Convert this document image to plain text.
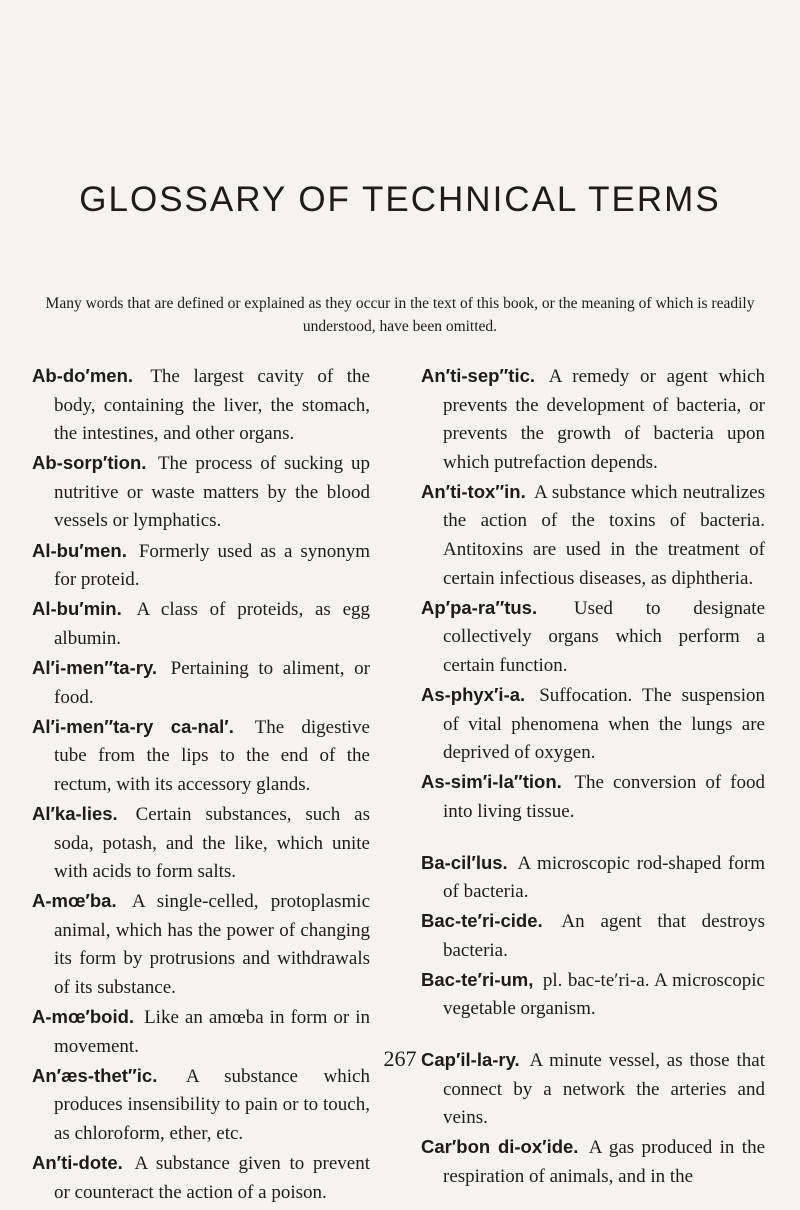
GLOSSARY OF TECHNICAL TERMS

Many words that are defined or explained as they occur in the text of this book, or the meaning of which is readily understood, have been omitted.

Ab-do′men. The largest cavity of the body, containing the liver, the stomach, the intestines, and other organs.

Ab-sorp′tion. The process of sucking up nutritive or waste matters by the blood vessels or lymphatics.

Al-bu′men. Formerly used as a synonym for proteid.

Al-bu′min. A class of proteids, as egg albumin.

Al′i-men″ta-ry. Pertaining to aliment, or food.

Al′i-men″ta-ry ca-nal′. The digestive tube from the lips to the end of the rectum, with its accessory glands.

Al′ka-lies. Certain substances, such as soda, potash, and the like, which unite with acids to form salts.

A-mœ′ba. A single-celled, protoplasmic animal, which has the power of changing its form by protrusions and withdrawals of its substance.

A-mœ′boid. Like an amœba in form or in movement.

An′æs-thet″ic. A substance which produces insensibility to pain or to touch, as chloroform, ether, etc.

An′ti-dote. A substance given to prevent or counteract the action of a poison.

An′ti-sep″tic. A remedy or agent which prevents the development of bacteria, or prevents the growth of bacteria upon which putrefaction depends.

An′ti-tox″in. A substance which neutralizes the action of the toxins of bacteria. Antitoxins are used in the treatment of certain infectious diseases, as diphtheria.

Ap′pa-ra″tus. Used to designate collectively organs which perform a certain function.

As-phyx′i-a. Suffocation. The suspension of vital phenomena when the lungs are deprived of oxygen.

As-sim′i-la″tion. The conversion of food into living tissue.

Ba-cil′lus. A microscopic rod-shaped form of bacteria.

Bac-te′ri-cide. An agent that destroys bacteria.

Bac-te′ri-um, pl. bac-te′ri-a. A microscopic vegetable organism.

Cap′il-la-ry. A minute vessel, as those that connect by a network the arteries and veins.

Car′bon di-ox′ide. A gas produced in the respiration of animals, and in the

267
